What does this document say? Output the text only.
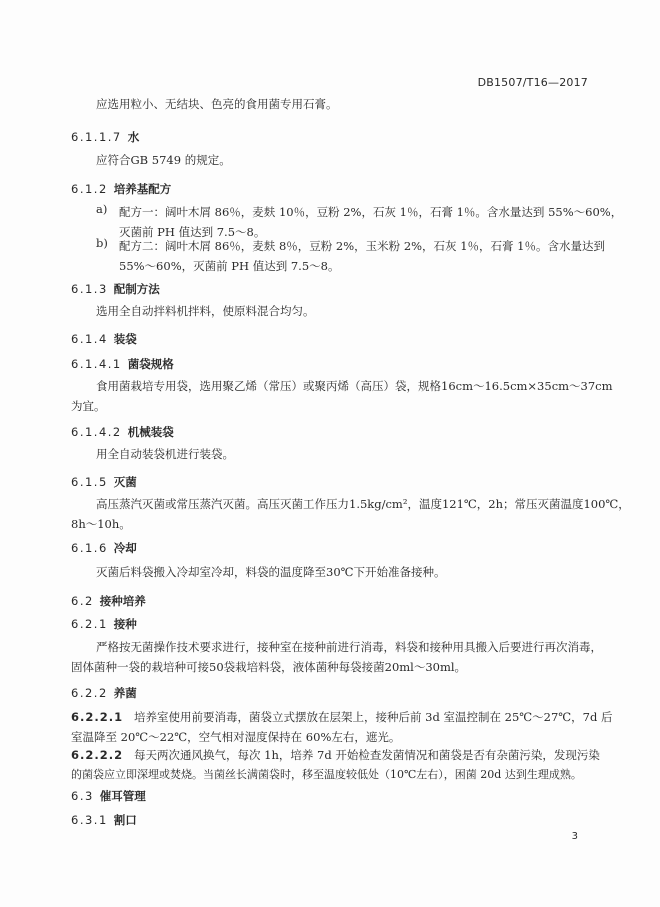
DB1507/T16—2017
应选用粒小、无结块、色亮的食用菌专用石膏。
6.1.1.7 水
应符合GB 5749 的规定。
6.1.2 培养基配方
a) 配方一：阔叶木屑 86％，麦麸 10％，豆粉 2%，石灰 1％，石膏 1％。含水量达到 55%～60%，
灭菌前 PH 值达到 7.5～8。
b) 配方二：阔叶木屑 86％，麦麸 8％，豆粉 2%，玉米粉 2%，石灰 1％，石膏 1％。含水量达到
55%～60%，灭菌前 PH 值达到 7.5～8。
6.1.3 配制方法
选用全自动拌料机拌料，使原料混合均匀。
6.1.4 装袋
6.1.4.1 菌袋规格
食用菌栽培专用袋，选用聚乙烯（常压）或聚丙烯（高压）袋，规格16cm～16.5cm×35cm～37cm
为宜。
6.1.4.2 机械装袋
用全自动装袋机进行装袋。
6.1.5 灭菌
高压蒸汽灭菌或常压蒸汽灭菌。高压灭菌工作压力1.5kg/cm²，温度121℃，2h；常压灭菌温度100℃，
8h～10h。
6.1.6 冷却
灭菌后料袋搬入冷却室冷却，料袋的温度降至30℃下开始准备接种。
6.2 接种培养
6.2.1 接种
严格按无菌操作技术要求进行，接种室在接种前进行消毒，料袋和接种用具搬入后要进行再次消毒，
固体菌种一袋的栽培种可接50袋栽培料袋，液体菌种每袋接菌20ml～30ml。
6.2.2 养菌
6.2.2.1 培养室使用前要消毒，菌袋立式摆放在层架上，接种后前 3d 室温控制在 25℃～27℃，7d 后
室温降至 20℃～22℃，空气相对湿度保持在 60%左右，遮光。
6.2.2.2 每天两次通风换气，每次 1h，培养 7d 开始检查发菌情况和菌袋是否有杂菌污染，发现污染
的菌袋应立即深埋或焚烧。当菌丝长满菌袋时，移至温度较低处（10℃左右），困菌 20d 达到生理成熟。
6.3 催耳管理
6.3.1 割口
3
